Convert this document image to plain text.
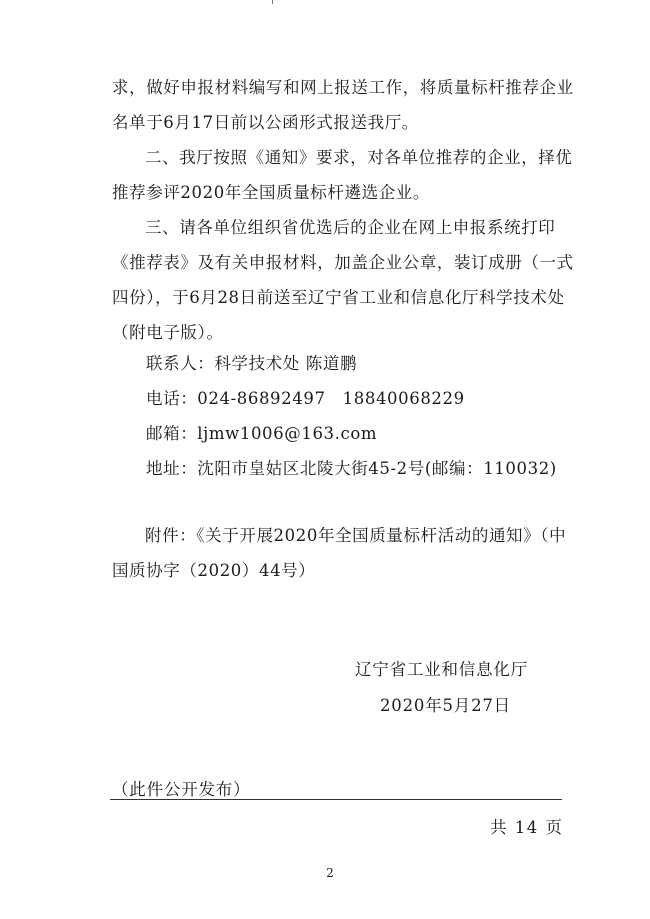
求，做好申报材料编写和网上报送工作，将质量标杆推荐企业名单于6月17日前以公函形式报送我厅。

二、我厅按照《通知》要求，对各单位推荐的企业，择优推荐参评2020年全国质量标杆遴选企业。

三、请各单位组织省优选后的企业在网上申报系统打印《推荐表》及有关申报材料，加盖企业公章，装订成册（一式四份），于6月28日前送至辽宁省工业和信息化厅科学技术处（附电子版）。

联系人：科学技术处 陈道鹏
电话：024-86892497　18840068229
邮箱：ljmw1006@163.com
地址：沈阳市皇姑区北陵大街45-2号(邮编：110032)

附件：《关于开展2020年全国质量标杆活动的通知》（中国质协字（2020）44号）

辽宁省工业和信息化厅
2020年5月27日
（此件公开发布）
共 14 页
2
